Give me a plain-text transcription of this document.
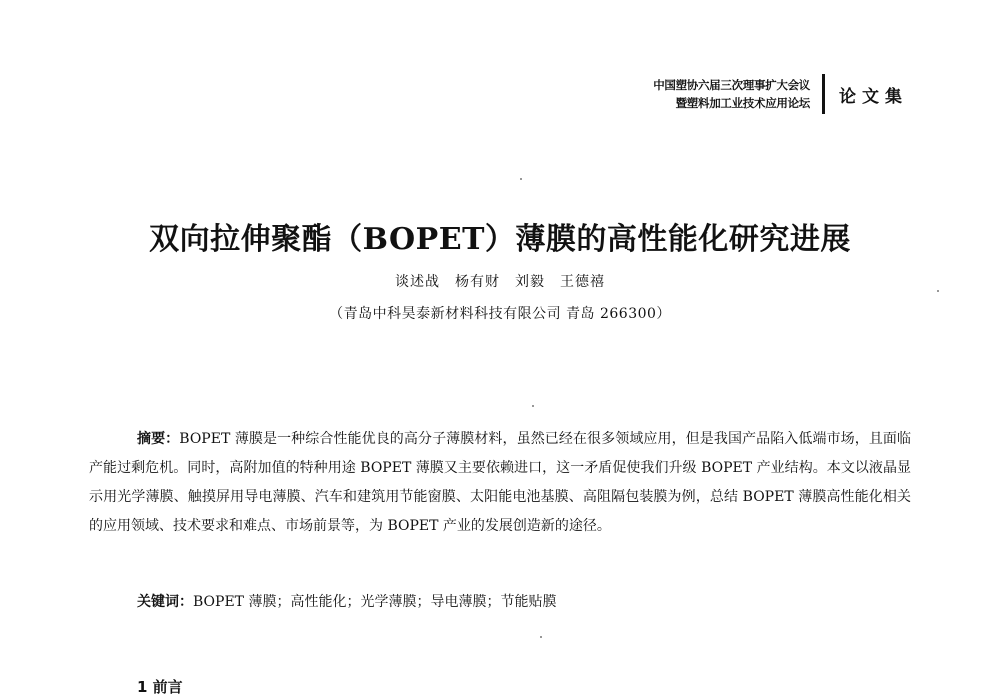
中国塑协六届三次理事扩大会议
暨塑料加工业技术应用论坛 论文集
双向拉伸聚酯（BOPET）薄膜的高性能化研究进展
谈述战　杨有财　刘毅　王德禧
（青岛中科昊泰新材料科技有限公司 青岛 266300）
摘要：BOPET 薄膜是一种综合性能优良的高分子薄膜材料，虽然已经在很多领域应用，但是我国产品陷入低端市场，且面临产能过剩危机。同时，高附加值的特种用途 BOPET 薄膜又主要依赖进口，这一矛盾促使我们升级 BOPET 产业结构。本文以液晶显示用光学薄膜、触摸屏用导电薄膜、汽车和建筑用节能窗膜、太阳能电池基膜、高阻隔包装膜为例，总结 BOPET 薄膜高性能化相关的应用领域、技术要求和难点、市场前景等，为 BOPET 产业的发展创造新的途径。
关键词：BOPET 薄膜；高性能化；光学薄膜；导电薄膜；节能贴膜
1 前言
